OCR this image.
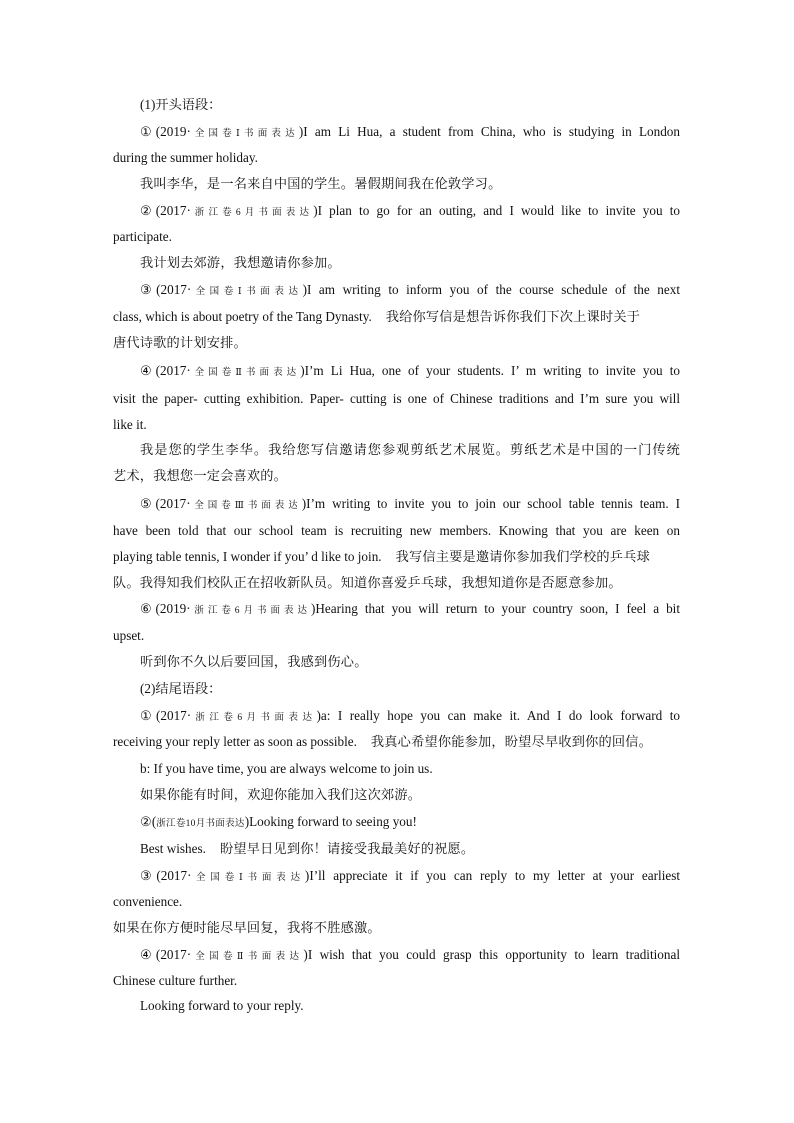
(1)开头语段：
①(2019·全国卷Ⅰ书面表达)I am Li Hua, a student from China, who is studying in London
during the summer holiday.
我叫李华，是一名来自中国的学生。暑假期间我在伦敦学习。
②(2017·浙江卷6月书面表达)I plan to go for an outing, and I would like to invite you to
participate.
我计划去郊游，我想邀请你参加。
③(2017·全国卷Ⅰ书面表达)I am writing to inform you of the course schedule of the next
class, which is about poetry of the Tang Dynasty. 我给你写信是想告诉你我们下次上课时关于
唐代诗歌的计划安排。
④(2017·全国卷Ⅱ书面表达)I’m Li Hua, one of your students. I’ m writing to invite you to
visit the paper- cutting exhibition. Paper- cutting is one of Chinese traditions and I’m sure you will
like it.
我是您的学生李华。我给您写信邀请您参观剪纸艺术展览。剪纸艺术是中国的一门传统
艺术，我想您一定会喜欢的。
⑤(2017·全国卷Ⅲ书面表达)I’m writing to invite you to join our school table tennis team. I
have been told that our school team is recruiting new members. Knowing that you are keen on
playing table tennis, I wonder if you’ d like to join. 我写信主要是邀请你参加我们学校的乒乓球
队。我得知我们校队正在招收新队员。知道你喜爱乒乓球，我想知道你是否愿意参加。
⑥(2019·浙江卷6月书面表达)Hearing that you will return to your country soon, I feel a bit
upset.
听到你不久以后要回国，我感到伤心。
(2)结尾语段：
①(2017·浙江卷6月书面表达)a: I really hope you can make it. And I do look forward to
receiving your reply letter as soon as possible. 我真心希望你能参加，盼望尽早收到你的回信。
b: If you have time, you are always welcome to join us.
如果你能有时间，欢迎你能加入我们这次郊游。
②(浙江卷10月书面表达)Looking forward to seeing you!
Best wishes. 盼望早日见到你！请接受我最美好的祝愿。
③(2017·全国卷Ⅰ书面表达)I’ll appreciate it if you can reply to my letter at your earliest
convenience.
如果在你方便时能尽早回复，我将不胜感激。
④(2017·全国卷Ⅱ书面表达)I wish that you could grasp this opportunity to learn traditional
Chinese culture further.
Looking forward to your reply.
